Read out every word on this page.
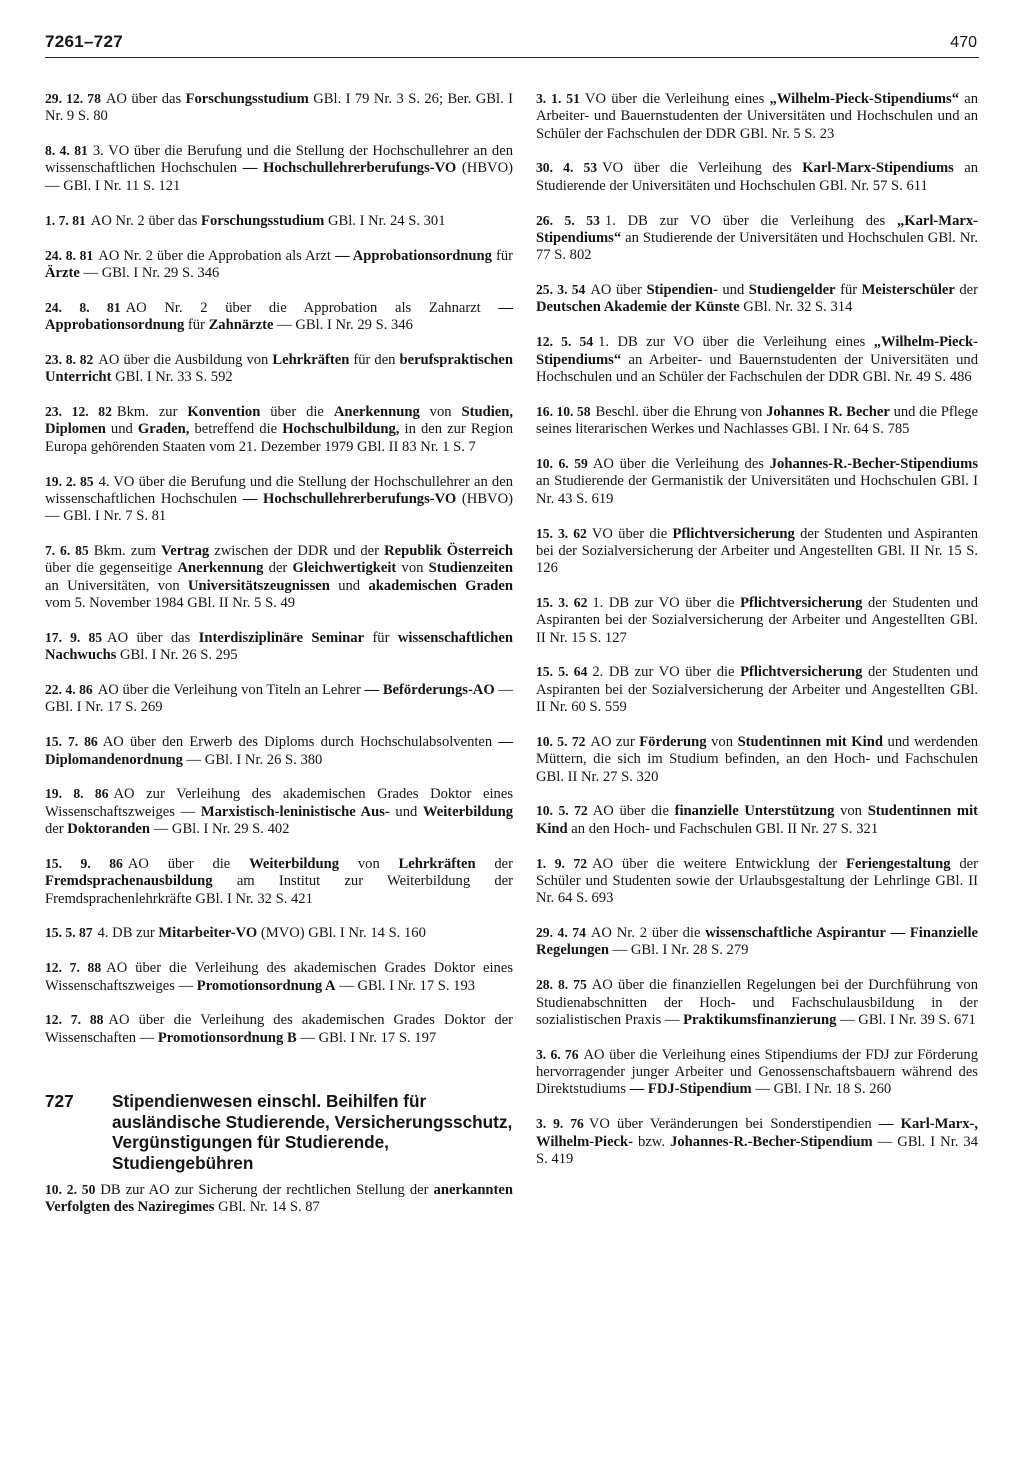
7261–727	470

29. 12. 78 AO über das Forschungsstudium GBl. I 79 Nr. 3 S. 26; Ber. GBl. I Nr. 9 S. 80

8. 4. 81 3. VO über die Berufung und die Stellung der Hochschullehrer an den wissenschaftlichen Hochschulen — Hochschullehrerberufungs-VO (HBVO) — GBl. I Nr. 11 S. 121

1. 7. 81 AO Nr. 2 über das Forschungsstudium GBl. I Nr. 24 S. 301

24. 8. 81 AO Nr. 2 über die Approbation als Arzt — Approbationsordnung für Ärzte — GBl. I Nr. 29 S. 346

24. 8. 81 AO Nr. 2 über die Approbation als Zahnarzt — Approbationsordnung für Zahnärzte — GBl. I Nr. 29 S. 346

23. 8. 82 AO über die Ausbildung von Lehrkräften für den berufspraktischen Unterricht GBl. I Nr. 33 S. 592

23. 12. 82 Bkm. zur Konvention über die Anerkennung von Studien, Diplomen und Graden, betreffend die Hochschulbildung, in den zur Region Europa gehörenden Staaten vom 21. Dezember 1979 GBl. II 83 Nr. 1 S. 7

19. 2. 85 4. VO über die Berufung und die Stellung der Hochschullehrer an den wissenschaftlichen Hochschulen — Hochschullehrerberufungs-VO (HBVO) — GBl. I Nr. 7 S. 81

7. 6. 85 Bkm. zum Vertrag zwischen der DDR und der Republik Österreich über die gegenseitige Anerkennung der Gleichwertigkeit von Studienzeiten an Universitäten, von Universitätszeugnissen und akademischen Graden vom 5. November 1984 GBl. II Nr. 5 S. 49

17. 9. 85 AO über das Interdisziplinäre Seminar für wissenschaftlichen Nachwuchs GBl. I Nr. 26 S. 295

22. 4. 86 AO über die Verleihung von Titeln an Lehrer — Beförderungs-AO — GBl. I Nr. 17 S. 269

15. 7. 86 AO über den Erwerb des Diploms durch Hochschulabsolventen — Diplomandenordnung — GBl. I Nr. 26 S. 380

19. 8. 86 AO zur Verleihung des akademischen Grades Doktor eines Wissenschaftszweiges — Marxistisch-leninistische Aus- und Weiterbildung der Doktoranden — GBl. I Nr. 29 S. 402

15. 9. 86 AO über die Weiterbildung von Lehrkräften der Fremdsprachenausbildung am Institut zur Weiterbildung der Fremdsprachenlehrkräfte GBl. I Nr. 32 S. 421

15. 5. 87 4. DB zur Mitarbeiter-VO (MVO) GBl. I Nr. 14 S. 160

12. 7. 88 AO über die Verleihung des akademischen Grades Doktor eines Wissenschaftszweiges — Promotionsordnung A — GBl. I Nr. 17 S. 193

12. 7. 88 AO über die Verleihung des akademischen Grades Doktor der Wissenschaften — Promotionsordnung B — GBl. I Nr. 17 S. 197

727	Stipendienwesen einschl. Beihilfen für ausländische Studierende, Versicherungsschutz, Vergünstigungen für Studierende, Studiengebühren

10. 2. 50 DB zur AO zur Sicherung der rechtlichen Stellung der anerkannten Verfolgten des Naziregimes GBl. Nr. 14 S. 87

3. 1. 51 VO über die Verleihung eines „Wilhelm-Pieck-Stipendiums“ an Arbeiter- und Bauernstudenten der Universitäten und Hochschulen und an Schüler der Fachschulen der DDR GBl. Nr. 5 S. 23

30. 4. 53 VO über die Verleihung des Karl-Marx-Stipendiums an Studierende der Universitäten und Hochschulen GBl. Nr. 57 S. 611

26. 5. 53 1. DB zur VO über die Verleihung des „Karl-Marx-Stipendiums“ an Studierende der Universitäten und Hochschulen GBl. Nr. 77 S. 802

25. 3. 54 AO über Stipendien- und Studiengelder für Meisterschüler der Deutschen Akademie der Künste GBl. Nr. 32 S. 314

12. 5. 54 1. DB zur VO über die Verleihung eines „Wilhelm-Pieck-Stipendiums“ an Arbeiter- und Bauernstudenten der Universitäten und Hochschulen und an Schüler der Fachschulen der DDR GBl. Nr. 49 S. 486

16. 10. 58 Beschl. über die Ehrung von Johannes R. Becher und die Pflege seines literarischen Werkes und Nachlasses GBl. I Nr. 64 S. 785

10. 6. 59 AO über die Verleihung des Johannes-R.-Becher-Stipendiums an Studierende der Germanistik der Universitäten und Hochschulen GBl. I Nr. 43 S. 619

15. 3. 62 VO über die Pflichtversicherung der Studenten und Aspiranten bei der Sozialversicherung der Arbeiter und Angestellten GBl. II Nr. 15 S. 126

15. 3. 62 1. DB zur VO über die Pflichtversicherung der Studenten und Aspiranten bei der Sozialversicherung der Arbeiter und Angestellten GBl. II Nr. 15 S. 127

15. 5. 64 2. DB zur VO über die Pflichtversicherung der Studenten und Aspiranten bei der Sozialversicherung der Arbeiter und Angestellten GBl. II Nr. 60 S. 559

10. 5. 72 AO zur Förderung von Studentinnen mit Kind und werdenden Müttern, die sich im Studium befinden, an den Hoch- und Fachschulen GBl. II Nr. 27 S. 320

10. 5. 72 AO über die finanzielle Unterstützung von Studentinnen mit Kind an den Hoch- und Fachschulen GBl. II Nr. 27 S. 321

1. 9. 72 AO über die weitere Entwicklung der Feriengestaltung der Schüler und Studenten sowie der Urlaubsgestaltung der Lehrlinge GBl. II Nr. 64 S. 693

29. 4. 74 AO Nr. 2 über die wissenschaftliche Aspirantur — Finanzielle Regelungen — GBl. I Nr. 28 S. 279

28. 8. 75 AO über die finanziellen Regelungen bei der Durchführung von Studienabschnitten der Hoch- und Fachschulausbildung in der sozialistischen Praxis — Praktikumsfinanzierung — GBl. I Nr. 39 S. 671

3. 6. 76 AO über die Verleihung eines Stipendiums der FDJ zur Förderung hervorragender junger Arbeiter und Genossenschaftsbauern während des Direktstudiums — FDJ-Stipendium — GBl. I Nr. 18 S. 260

3. 9. 76 VO über Veränderungen bei Sonderstipendien — Karl-Marx-, Wilhelm-Pieck- bzw. Johannes-R.-Becher-Stipendium — GBl. I Nr. 34 S. 419
